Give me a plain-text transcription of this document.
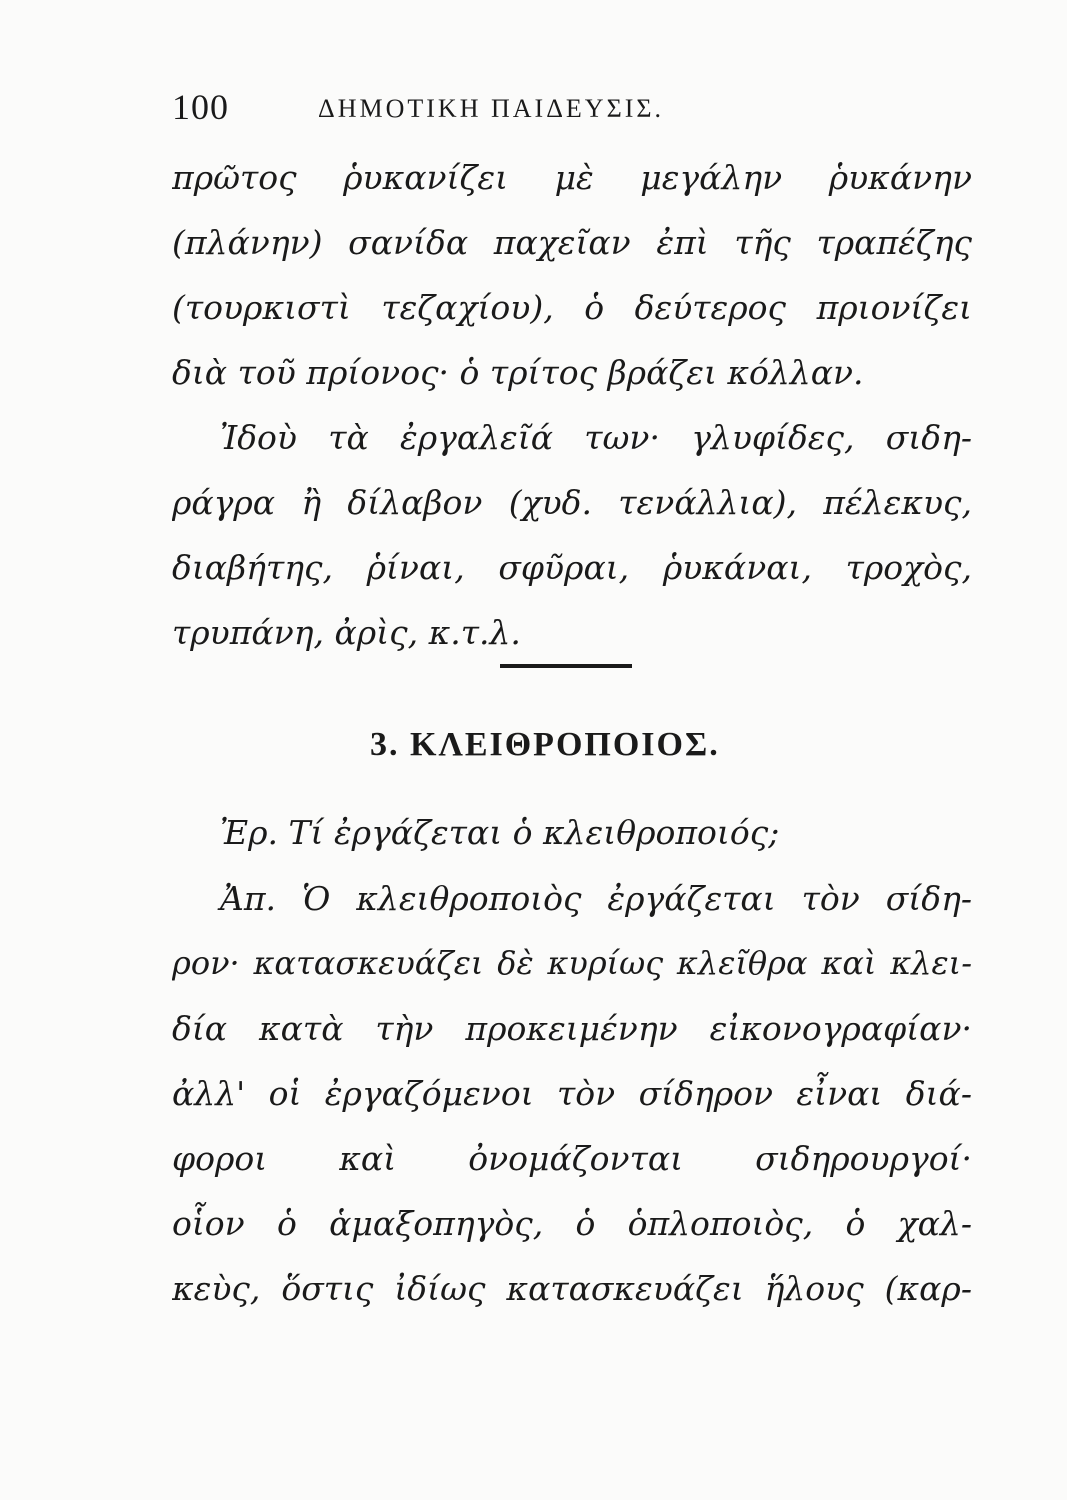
100	ΔΗΜΟΤΙΚΗ ΠΑΙΔΕΥΣΙΣ.

πρῶτος ῥυκανίζει μὲ μεγάλην ῥυκάνην
(πλάνην) σανίδα παχεῖαν ἐπὶ τῆς τραπέζης
(τουρκιστὶ τεζαχίου), ὁ δεύτερος πριονίζει
διὰ τοῦ πρίονος· ὁ τρίτος βράζει κόλλαν.

Ἰδοὺ τὰ ἐργαλεῖά των· γλυφίδες, σιδη-
ράγρα ἢ δίλαβον (χυδ. τενάλλια), πέλεκυς,
διαβήτης, ῥίναι, σφῦραι, ῥυκάναι, τροχὸς,
τρυπάνη, ἀρὶς, κ.τ.λ.

3. ΚΛΕΙΘΡΟΠΟΙΟΣ.

Ἐρ. Τί ἐργάζεται ὁ κλειθροποιός;

Ἀπ. Ὁ κλειθροποιὸς ἐργάζεται τὸν σίδη-
ρον· κατασκευάζει δὲ κυρίως κλεῖθρα καὶ κλει-
δία κατὰ τὴν προκειμένην εἰκονογραφίαν·
ἀλλ' οἱ ἐργαζόμενοι τὸν σίδηρον εἶναι διά-
φοροι καὶ ὀνομάζονται σιδηρουργοί·
οἷον ὁ ἁμαξοπηγὸς, ὁ ὁπλοποιὸς, ὁ χαλ-
κεὺς, ὅστις ἰδίως κατασκευάζει ἥλους (καρ-
